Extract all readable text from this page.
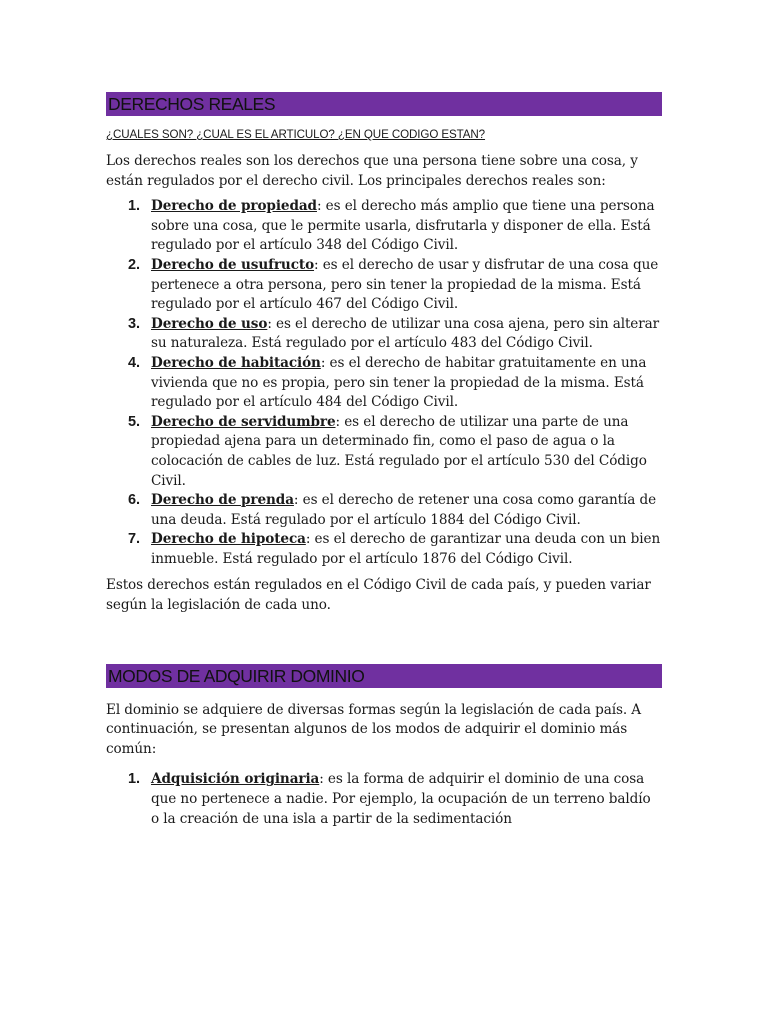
DERECHOS REALES
¿CUALES SON? ¿CUAL ES EL ARTICULO? ¿EN QUE CODIGO ESTAN?

Los derechos reales son los derechos que una persona tiene sobre una cosa, y están regulados por el derecho civil. Los principales derechos reales son:

1. Derecho de propiedad: es el derecho más amplio que tiene una persona sobre una cosa, que le permite usarla, disfrutarla y disponer de ella. Está regulado por el artículo 348 del Código Civil.
2. Derecho de usufructo: es el derecho de usar y disfrutar de una cosa que pertenece a otra persona, pero sin tener la propiedad de la misma. Está regulado por el artículo 467 del Código Civil.
3. Derecho de uso: es el derecho de utilizar una cosa ajena, pero sin alterar su naturaleza. Está regulado por el artículo 483 del Código Civil.
4. Derecho de habitación: es el derecho de habitar gratuitamente en una vivienda que no es propia, pero sin tener la propiedad de la misma. Está regulado por el artículo 484 del Código Civil.
5. Derecho de servidumbre: es el derecho de utilizar una parte de una propiedad ajena para un determinado fin, como el paso de agua o la colocación de cables de luz. Está regulado por el artículo 530 del Código Civil.
6. Derecho de prenda: es el derecho de retener una cosa como garantía de una deuda. Está regulado por el artículo 1884 del Código Civil.
7. Derecho de hipoteca: es el derecho de garantizar una deuda con un bien inmueble. Está regulado por el artículo 1876 del Código Civil.

Estos derechos están regulados en el Código Civil de cada país, y pueden variar según la legislación de cada uno.

MODOS DE ADQUIRIR DOMINIO

El dominio se adquiere de diversas formas según la legislación de cada país. A continuación, se presentan algunos de los modos de adquirir el dominio más común:

1. Adquisición originaria: es la forma de adquirir el dominio de una cosa que no pertenece a nadie. Por ejemplo, la ocupación de un terreno baldío o la creación de una isla a partir de la sedimentación
